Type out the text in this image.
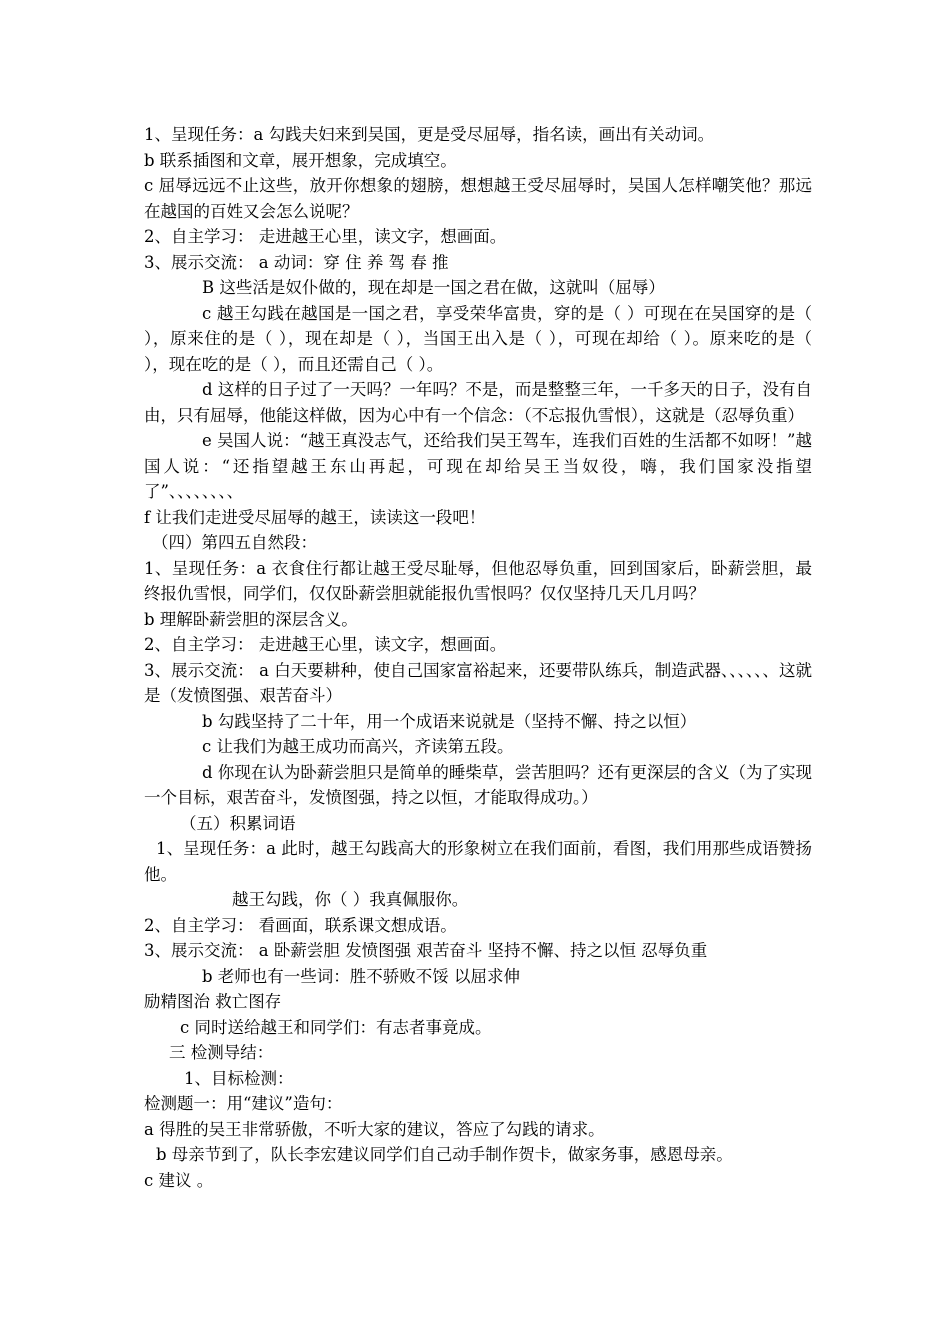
1、呈现任务：a 勾践夫妇来到吴国，更是受尽屈辱，指名读，画出有关动词。

b 联系插图和文章，展开想象，完成填空。

c 屈辱远远不止这些，放开你想象的翅膀，想想越王受尽屈辱时，吴国人怎样嘲笑他？那远在越国的百姓又会怎么说呢？

2、自主学习： 走进越王心里，读文字，想画面。

3、展示交流： a 动词：穿 住 养 驾 春 推

B 这些活是奴仆做的，现在却是一国之君在做，这就叫（屈辱）

c 越王勾践在越国是一国之君，享受荣华富贵，穿的是（ ）可现在在吴国穿的是（ ），原来住的是（ ），现在却是（ ），当国王出入是（ ），可现在却给（ ）。原来吃的是（ ），现在吃的是（ ），而且还需自己（ ）。

d 这样的日子过了一天吗？一年吗？不是，而是整整三年，一千多天的日子，没有自由，只有屈辱，他能这样做，因为心中有一个信念：（不忘报仇雪恨），这就是（忍辱负重）

e 吴国人说：“越王真没志气，还给我们吴王驾车，连我们百姓的生活都不如呀！”越国人说：“还指望越王东山再起，可现在却给吴王当奴役，嗨，我们国家没指望了”、、、、、、、、

f 让我们走进受尽屈辱的越王，读读这一段吧！

（四）第四五自然段：

1、呈现任务：a 衣食住行都让越王受尽耻辱，但他忍辱负重，回到国家后，卧薪尝胆，最终报仇雪恨，同学们，仅仅卧薪尝胆就能报仇雪恨吗？仅仅坚持几天几月吗？

b 理解卧薪尝胆的深层含义。

2、自主学习： 走进越王心里，读文字，想画面。

3、展示交流： a 白天要耕种，使自己国家富裕起来，还要带队练兵，制造武器、、、、、、这就是（发愤图强、艰苦奋斗）

b 勾践坚持了二十年，用一个成语来说就是（坚持不懈、持之以恒）

c 让我们为越王成功而高兴，齐读第五段。

d 你现在认为卧薪尝胆只是简单的睡柴草，尝苦胆吗？还有更深层的含义（为了实现一个目标，艰苦奋斗，发愤图强，持之以恒，才能取得成功。）

（五）积累词语

1、呈现任务：a 此时，越王勾践高大的形象树立在我们面前，看图，我们用那些成语赞扬他。

越王勾践，你（ ）我真佩服你。

2、自主学习： 看画面，联系课文想成语。

3、展示交流： a 卧薪尝胆 发愤图强 艰苦奋斗 坚持不懈、持之以恒 忍辱负重

b 老师也有一些词：胜不骄败不馁 以屈求伸

励精图治 救亡图存

c 同时送给越王和同学们：有志者事竟成。

三 检测导结：

1、目标检测：

检测题一：用“建议”造句：

a 得胜的吴王非常骄傲，不听大家的建议，答应了勾践的请求。

b 母亲节到了，队长李宏建议同学们自己动手制作贺卡，做家务事，感恩母亲。

c 建议 。
